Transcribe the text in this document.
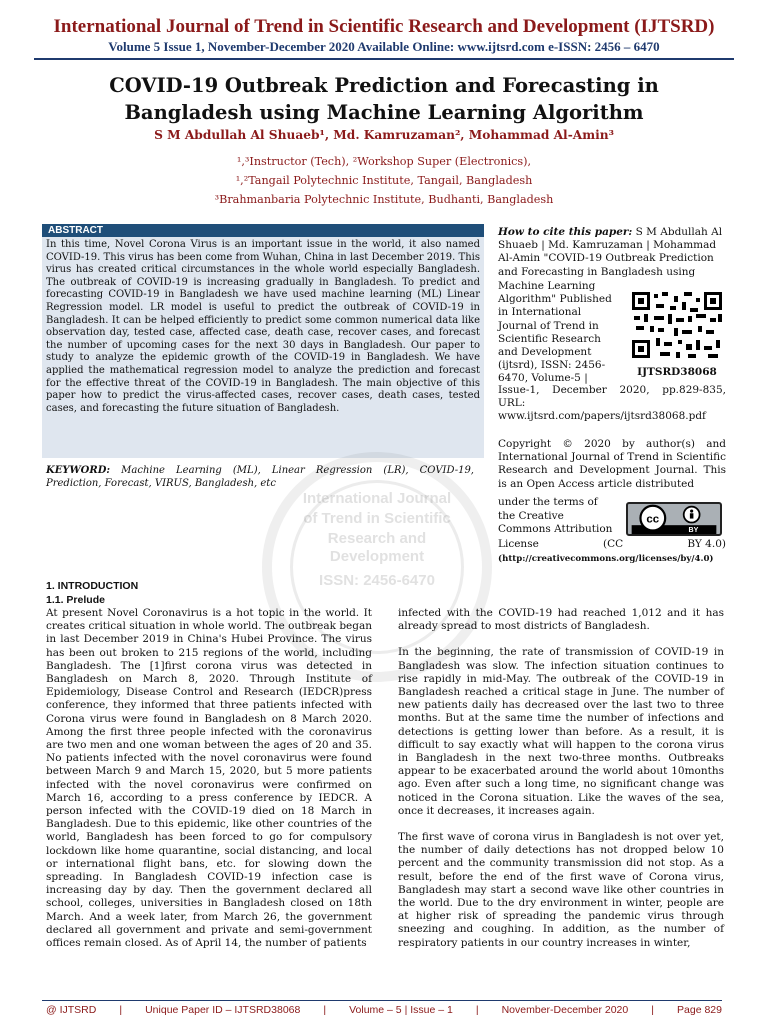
International Journal of Trend in Scientific Research and Development (IJTSRD)
Volume 5 Issue 1, November-December 2020 Available Online: www.ijtsrd.com e-ISSN: 2456 – 6470
COVID-19 Outbreak Prediction and Forecasting in
Bangladesh using Machine Learning Algorithm
S M Abdullah Al Shuaeb¹, Md. Kamruzaman², Mohammad Al-Amin³
¹,³Instructor (Tech), ²Workshop Super (Electronics),
¹,²Tangail Polytechnic Institute, Tangail, Bangladesh
³Brahmanbaria Polytechnic Institute, Budhanti, Bangladesh
ABSTRACT
In this time, Novel Corona Virus is an important issue in the world, it also named COVID-19. This virus has been come from Wuhan, China in last December 2019. This virus has created critical circumstances in the whole world especially Bangladesh. The outbreak of COVID-19 is increasing gradually in Bangladesh. To predict and forecasting COVID-19 in Bangladesh we have used machine learning (ML) Linear Regression model. LR model is useful to predict the outbreak of COVID-19 in Bangladesh. It can be helped efficiently to predict some common numerical data like observation day, tested case, affected case, death case, recover cases, and forecast the number of upcoming cases for the next 30 days in Bangladesh. Our paper to study to analyze the epidemic growth of the COVID-19 in Bangladesh. We have applied the mathematical regression model to analyze the prediction and forecast for the effective threat of the COVID-19 in Bangladesh. The main objective of this paper how to predict the virus-affected cases, recover cases, death cases, tested cases, and forecasting the future situation of Bangladesh.
International Journal
of Trend in Scientific
Research and
Development
ISSN: 2456-6470
KEYWORD: Machine Learning (ML), Linear Regression (LR), COVID-19, Prediction, Forecast, VIRUS, Bangladesh, etc
How to cite this paper: S M Abdullah Al Shuaeb | Md. Kamruzaman | Mohammad Al-Amin "COVID-19 Outbreak Prediction and Forecasting in Bangladesh using
Machine Learning
Algorithm" Published
in International
Journal of Trend in
Scientific Research
and Development
(ijtsrd), ISSN: 2456-
6470, Volume-5 |
IJTSRD38068
Issue-1, December 2020, pp.829-835, URL: www.ijtsrd.com/papers/ijtsrd38068.pdf
Copyright © 2020 by author(s) and International Journal of Trend in Scientific Research and Development Journal. This is an Open Access article distributed
under the terms of
the Creative
Commons Attribution
cc
BY
License	(CC	BY 4.0)
(http://creativecommons.org/licenses/by/4.0)
1. INTRODUCTION
1.1. Prelude

At present Novel Coronavirus is a hot topic in the world. It creates critical situation in whole world. The outbreak began in last December 2019 in China's Hubei Province. The virus has been out broken to 215 regions of the world, including Bangladesh. The [1]first corona virus was detected in Bangladesh on March 8, 2020. Through Institute of Epidemiology, Disease Control and Research (IEDCR)press conference, they informed that three patients infected with Corona virus were found in Bangladesh on 8 March 2020. Among the first three people infected with the coronavirus are two men and one woman between the ages of 20 and 35. No patients infected with the novel coronavirus were found between March 9 and March 15, 2020, but 5 more patients infected with the novel coronavirus were confirmed on March 16, according to a press conference by IEDCR. A person infected with the COVID-19 died on 18 March in Bangladesh. Due to this epidemic, like other countries of the world, Bangladesh has been forced to go for compulsory lockdown like home quarantine, social distancing, and local or international flight bans, etc. for slowing down the spreading. In Bangladesh COVID-19 infection case is increasing day by day. Then the government declared all school, colleges, universities in Bangladesh closed on 18th March. And a week later, from March 26, the government declared all government and private and semi-government offices remain closed. As of April 14, the number of patients

infected with the COVID-19 had reached 1,012 and it has already spread to most districts of Bangladesh.

In the beginning, the rate of transmission of COVID-19 in Bangladesh was slow. The infection situation continues to rise rapidly in mid-May. The outbreak of the COVID-19 in Bangladesh reached a critical stage in June. The number of new patients daily has decreased over the last two to three months. But at the same time the number of infections and detections is getting lower than before. As a result, it is difficult to say exactly what will happen to the corona virus in Bangladesh in the next two-three months. Outbreaks appear to be exacerbated around the world about 10months ago. Even after such a long time, no significant change was noticed in the Corona situation. Like the waves of the sea, once it decreases, it increases again.

The first wave of corona virus in Bangladesh is not over yet, the number of daily detections has not dropped below 10 percent and the community transmission did not stop. As a result, before the end of the first wave of Corona virus, Bangladesh may start a second wave like other countries in the world. Due to the dry environment in winter, people are at higher risk of spreading the pandemic virus through sneezing and coughing. In addition, as the number of respiratory patients in our country increases in winter,

@ IJTSRD | Unique Paper ID – IJTSRD38068 | Volume – 5 | Issue – 1 | November-December 2020 | Page 829
